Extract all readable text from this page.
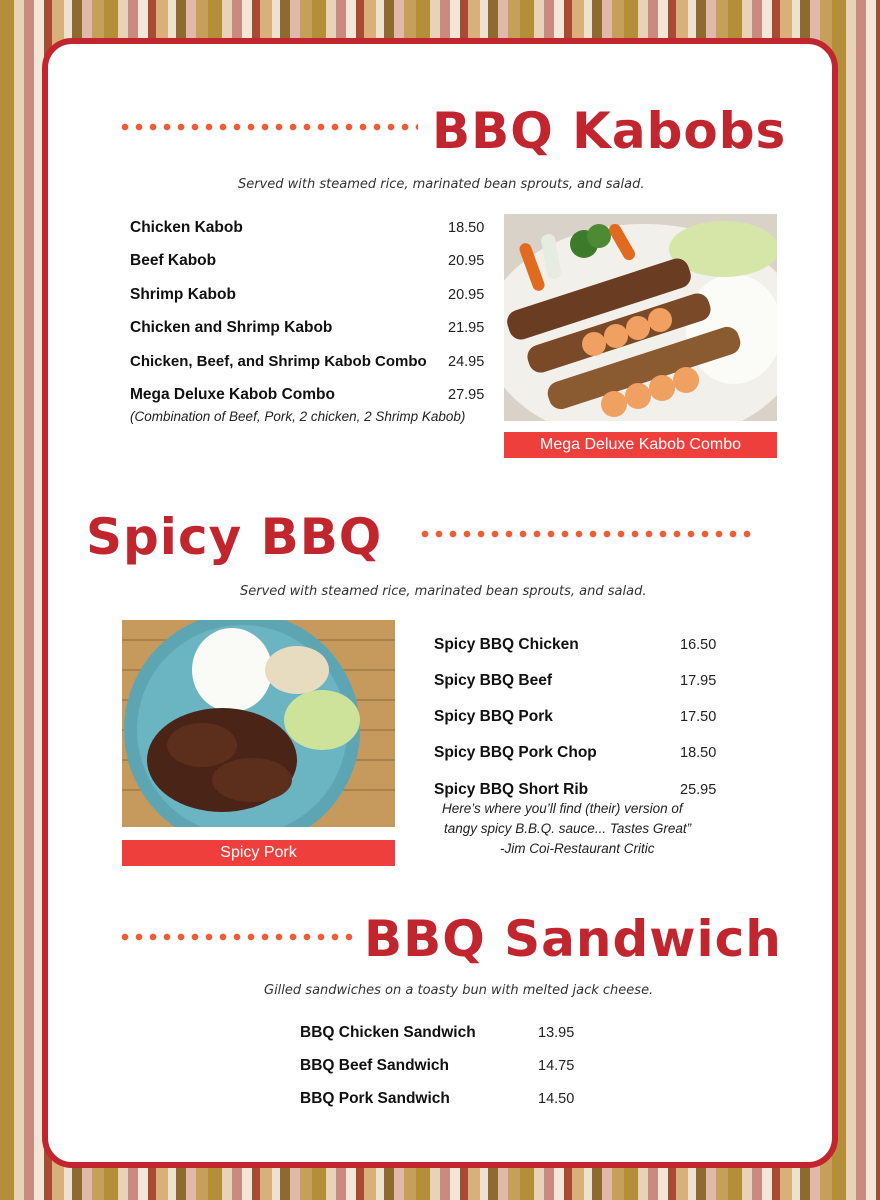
BBQ Kabobs
Served with steamed rice, marinated bean sprouts, and salad.
Chicken Kabob	18.50
Beef Kabob	20.95
Shrimp Kabob	20.95
Chicken and Shrimp Kabob	21.95
Chicken, Beef, and Shrimp Kabob Combo 24.95
Mega Deluxe Kabob Combo	27.95
(Combination of Beef, Pork, 2 chicken, 2 Shrimp Kabob)
Mega Deluxe Kabob Combo
Spicy BBQ
Served with steamed rice, marinated bean sprouts, and salad.
Spicy Pork
Spicy BBQ Chicken	16.50
Spicy BBQ Beef	17.95
Spicy BBQ Pork	17.50
Spicy BBQ Pork Chop	18.50
Spicy BBQ Short Rib	25.95
Here’s where you’ll find (their) version of
tangy spicy B.B.Q. sauce... Tastes Great”
-Jim Coi-Restaurant Critic
BBQ Sandwich
Gilled sandwiches on a toasty bun with melted jack cheese.
BBQ Chicken Sandwich	13.95
BBQ Beef Sandwich	14.75
BBQ Pork Sandwich	14.50
